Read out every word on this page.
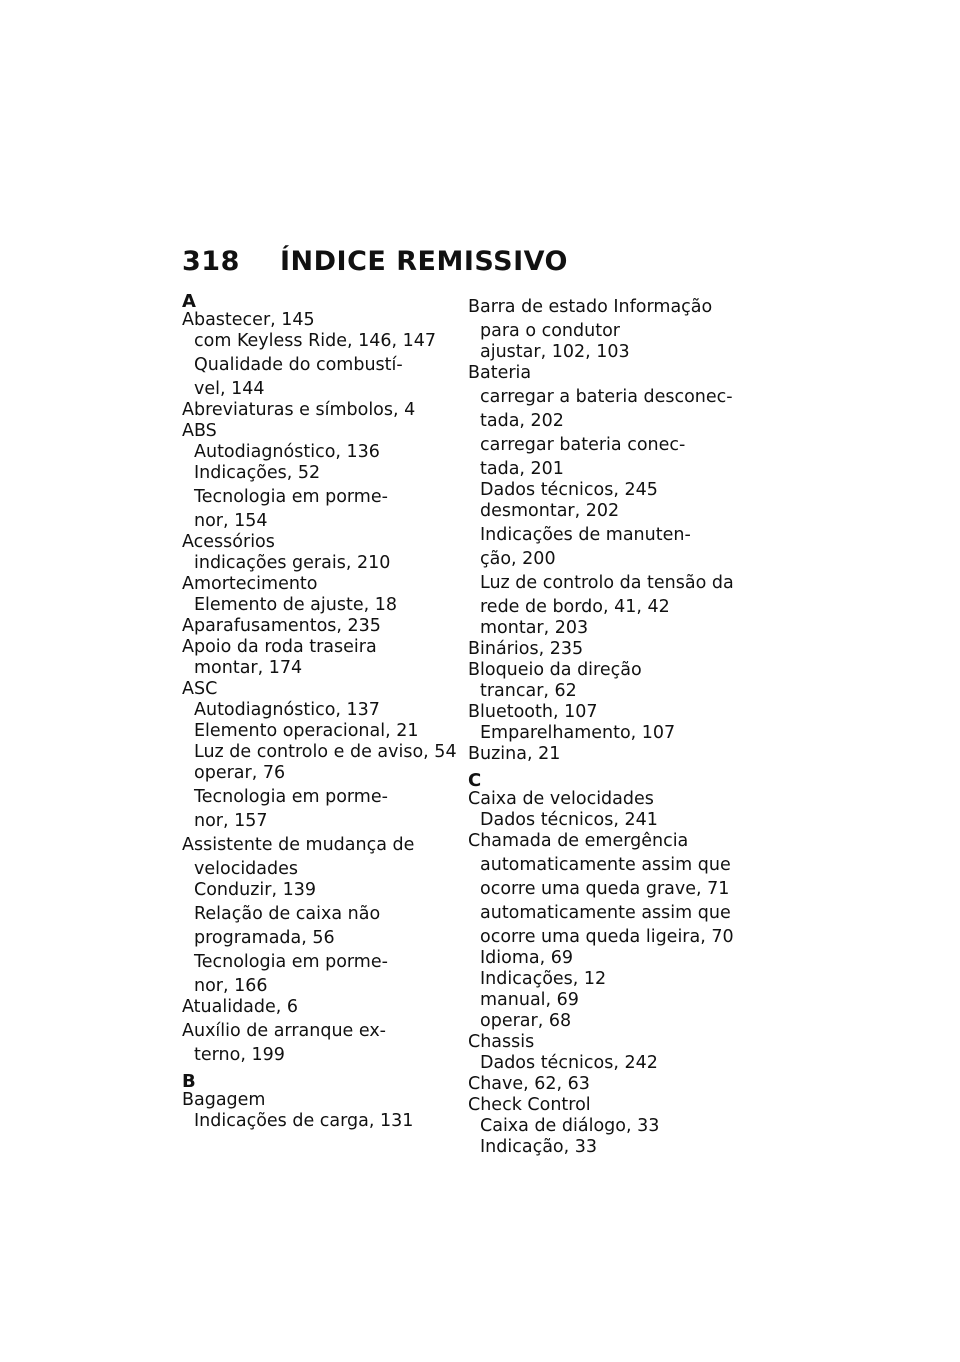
318 ÍNDICE REMISSIVO
A
Abastecer, 145
com Keyless Ride, 146, 147
Qualidade do combustí-
vel, 144
Abreviaturas e símbolos, 4
ABS
Autodiagnóstico, 136
Indicações, 52
Tecnologia em porme-
nor, 154
Acessórios
indicações gerais, 210
Amortecimento
Elemento de ajuste, 18
Aparafusamentos, 235
Apoio da roda traseira
montar, 174
ASC
Autodiagnóstico, 137
Elemento operacional, 21
Luz de controlo e de aviso, 54
operar, 76
Tecnologia em porme-
nor, 157
Assistente de mudança de
velocidades
Conduzir, 139
Relação de caixa não
programada, 56
Tecnologia em porme-
nor, 166
Atualidade, 6
Auxílio de arranque ex-
terno, 199
B
Bagagem
Indicações de carga, 131
Barra de estado Informação
para o condutor
ajustar, 102, 103
Bateria
carregar a bateria desconec-
tada, 202
carregar bateria conec-
tada, 201
Dados técnicos, 245
desmontar, 202
Indicações de manuten-
ção, 200
Luz de controlo da tensão da
rede de bordo, 41, 42
montar, 203
Binários, 235
Bloqueio da direção
trancar, 62
Bluetooth, 107
Emparelhamento, 107
Buzina, 21
C
Caixa de velocidades
Dados técnicos, 241
Chamada de emergência
automaticamente assim que
ocorre uma queda grave, 71
automaticamente assim que
ocorre uma queda ligeira, 70
Idioma, 69
Indicações, 12
manual, 69
operar, 68
Chassis
Dados técnicos, 242
Chave, 62, 63
Check Control
Caixa de diálogo, 33
Indicação, 33
